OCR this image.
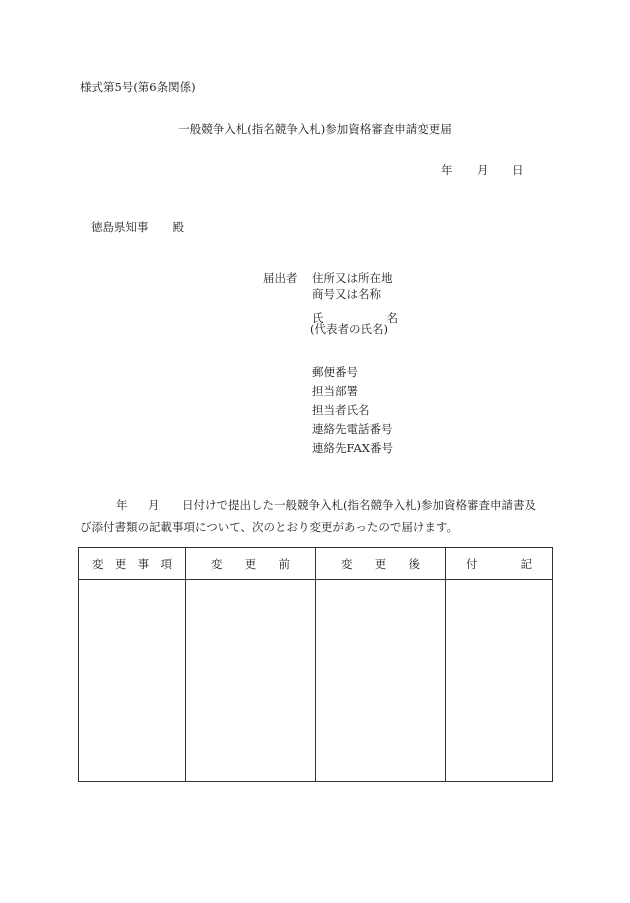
様式第5号(第6条関係)
一般競争入札(指名競争入札)参加資格審査申請変更届
年 月 日
徳島県知事 殿
届出者 住所又は所在地
商号又は名称
氏	名
(代表者の氏名)
郵便番号
担当部署
担当者氏名
連絡先電話番号
連絡先FAX番号
年 月 日付けで提出した一般競争入札(指名競争入札)参加資格審査申請書及
び添付書類の記載事項について、次のとおり変更があったので届けます。
変 更 事 項	変 更 前	変 更 後	付 記
